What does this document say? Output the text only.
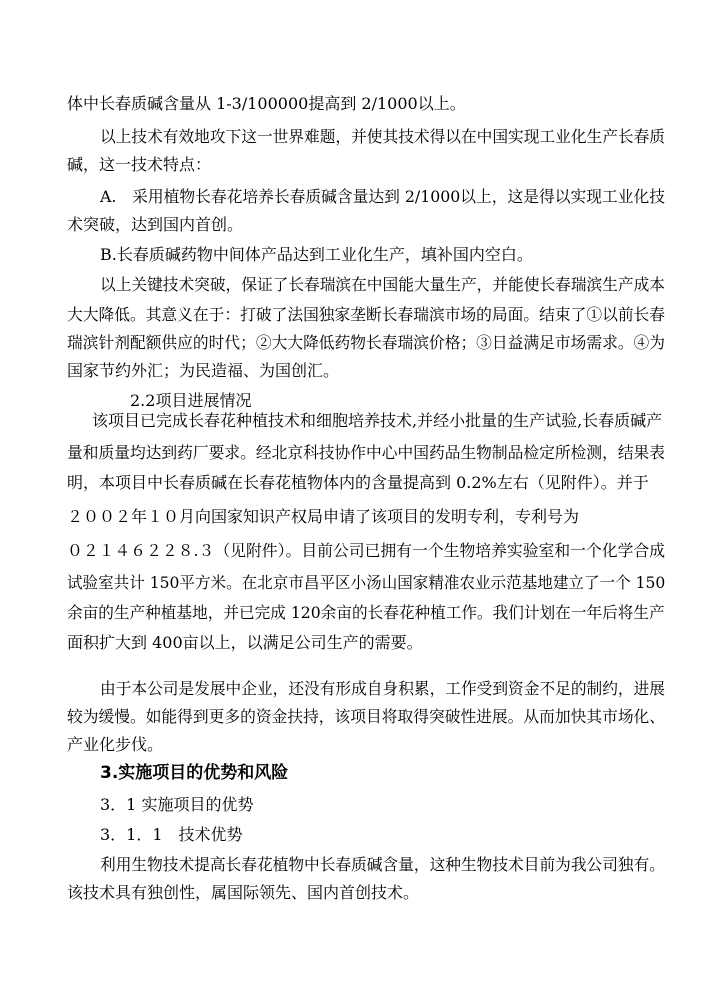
体中长春质碱含量从 1-3/100000提高到 2/1000以上。
以上技术有效地攻下这一世界难题，并使其技术得以在中国实现工业化生产长春质
碱，这一技术特点：
A.　采用植物长春花培养长春质碱含量达到 2/1000以上，这是得以实现工业化技
术突破，达到国内首创。
B.长春质碱药物中间体产品达到工业化生产，填补国内空白。
以上关键技术突破，保证了长春瑞滨在中国能大量生产，并能使长春瑞滨生产成本
大大降低。其意义在于：打破了法国独家垄断长春瑞滨市场的局面。结束了①以前长春
瑞滨针剂配额供应的时代；②大大降低药物长春瑞滨价格；③日益满足市场需求。④为
国家节约外汇；为民造福、为国创汇。
2.2项目进展情况
该项目已完成长春花种植技术和细胞培养技术,并经小批量的生产试验,长春质碱产
量和质量均达到药厂要求。经北京科技协作中心中国药品生物制品检定所检测，结果表
明，本项目中长春质碱在长春花植物体内的含量提高到 0.2%左右（见附件）。并于
２００２年１０月向国家知识产权局申请了该项目的发明专利，专利号为
０２１４６２２８.３（见附件）。目前公司已拥有一个生物培养实验室和一个化学合成
试验室共计 150平方米。在北京市昌平区小汤山国家精准农业示范基地建立了一个 150
余亩的生产种植基地，并已完成 120余亩的长春花种植工作。我们计划在一年后将生产
面积扩大到 400亩以上，以满足公司生产的需要。
由于本公司是发展中企业，还没有形成自身积累，工作受到资金不足的制约，进展
较为缓慢。如能得到更多的资金扶持，该项目将取得突破性进展。从而加快其市场化、
产业化步伐。
3.实施项目的优势和风险
3．1 实施项目的优势
3．1．1　技术优势
利用生物技术提高长春花植物中长春质碱含量，这种生物技术目前为我公司独有。
该技术具有独创性，属国际领先、国内首创技术。
